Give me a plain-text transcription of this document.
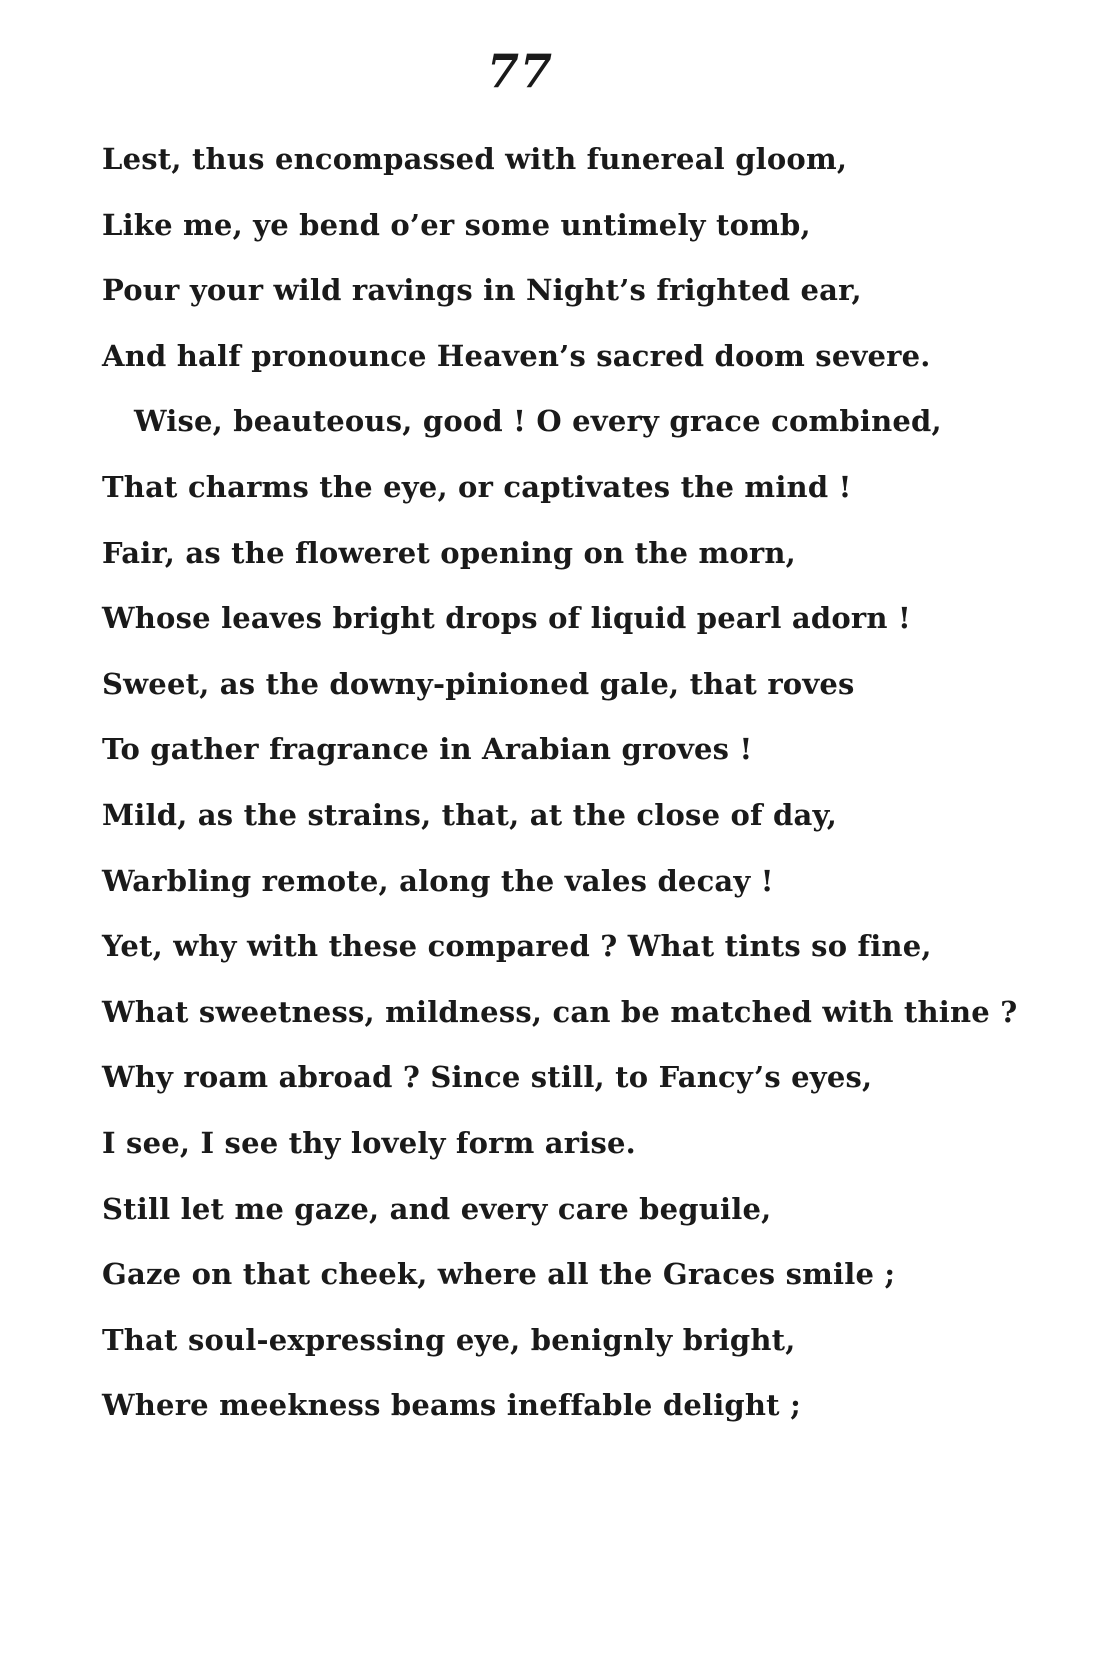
77
Lest, thus encompassed with funereal gloom,
Like me, ye bend o’er some untimely tomb,
Pour your wild ravings in Night’s frighted ear,
And half pronounce Heaven’s sacred doom severe.
Wise, beauteous, good ! O every grace combined,
That charms the eye, or captivates the mind !
Fair, as the floweret opening on the morn,
Whose leaves bright drops of liquid pearl adorn !
Sweet, as the downy-pinioned gale, that roves
To gather fragrance in Arabian groves !
Mild, as the strains, that, at the close of day,
Warbling remote, along the vales decay !
Yet, why with these compared ? What tints so fine,
What sweetness, mildness, can be matched with thine ?
Why roam abroad ? Since still, to Fancy’s eyes,
I see, I see thy lovely form arise.
Still let me gaze, and every care beguile,
Gaze on that cheek, where all the Graces smile ;
That soul-expressing eye, benignly bright,
Where meekness beams ineffable delight ;
